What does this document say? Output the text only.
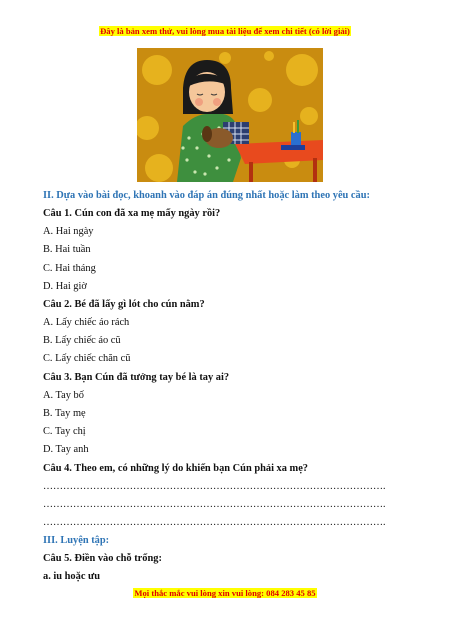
Đây là bản xem thử, vui lòng mua tài liệu để xem chi tiết (có lời giải)
II. Dựa vào bài đọc, khoanh vào đáp án đúng nhất hoặc làm theo yêu cầu:
Câu 1. Cún con đã xa mẹ mấy ngày rồi?
A. Hai ngày
B. Hai tuần
C. Hai tháng
D. Hai giờ
Câu 2. Bé đã lấy gì lót cho cún nằm?
A. Lấy chiếc áo rách
B. Lấy chiếc áo cũ
C. Lấy chiếc chăn cũ
Câu 3. Bạn Cún đã tưởng tay bé là tay ai?
A. Tay bố
B. Tay mẹ
C. Tay chị
D. Tay anh
Câu 4. Theo em, có những lý do khiến bạn Cún phải xa mẹ?
………………………………………………………………………………………….
………………………………………………………………………………………….
………………………………………………………………………………………….
III. Luyện tập:
Câu 5. Điền vào chỗ trống:
a. iu hoặc ưu
Mọi thắc mắc vui lòng xin vui lòng: 084 283 45 85
